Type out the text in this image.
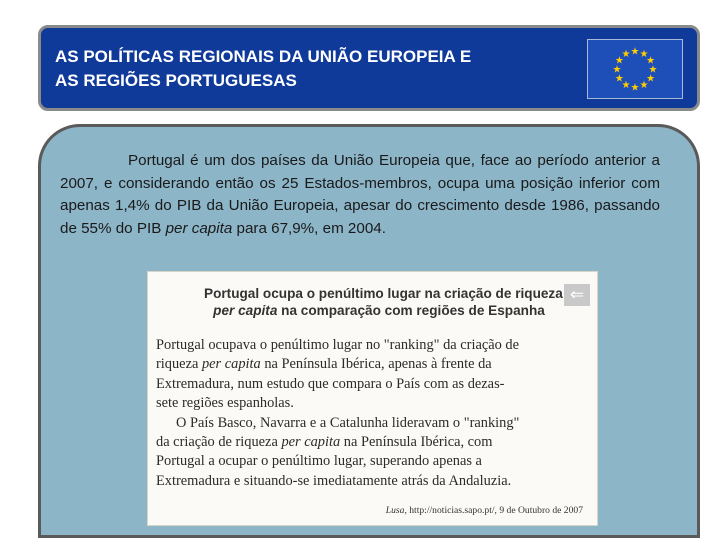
AS POLÍTICAS REGIONAIS DA UNIÃO EUROPEIA E
AS REGIÕES PORTUGUESAS
★ ★
★
★
★
★
★
★
★
★
★
★
Portugal é um dos países da União Europeia que, face ao período anterior a 2007, e considerando então os 25 Estados-membros, ocupa uma posição inferior com apenas 1,4% do PIB da União Europeia, apesar do crescimento desde 1986, passando de 55% do PIB per capita para 67,9%, em 2004.
Portugal ocupa o penúltimo lugar na criação de riqueza
per capita na comparação com regiões de Espanha
⇐
Portugal ocupava o penúltimo lugar no "ranking" da criação de
riqueza per capita na Península Ibérica, apenas à frente da
Extremadura, num estudo que compara o País com as dezas-
sete regiões espanholas.
O País Basco, Navarra e a Catalunha lideravam o "ranking"
da criação de riqueza per capita na Península Ibérica, com
Portugal a ocupar o penúltimo lugar, superando apenas a
Extremadura e situando-se imediatamente atrás da Andaluzia.
Lusa, http://noticias.sapo.pt/, 9 de Outubro de 2007
